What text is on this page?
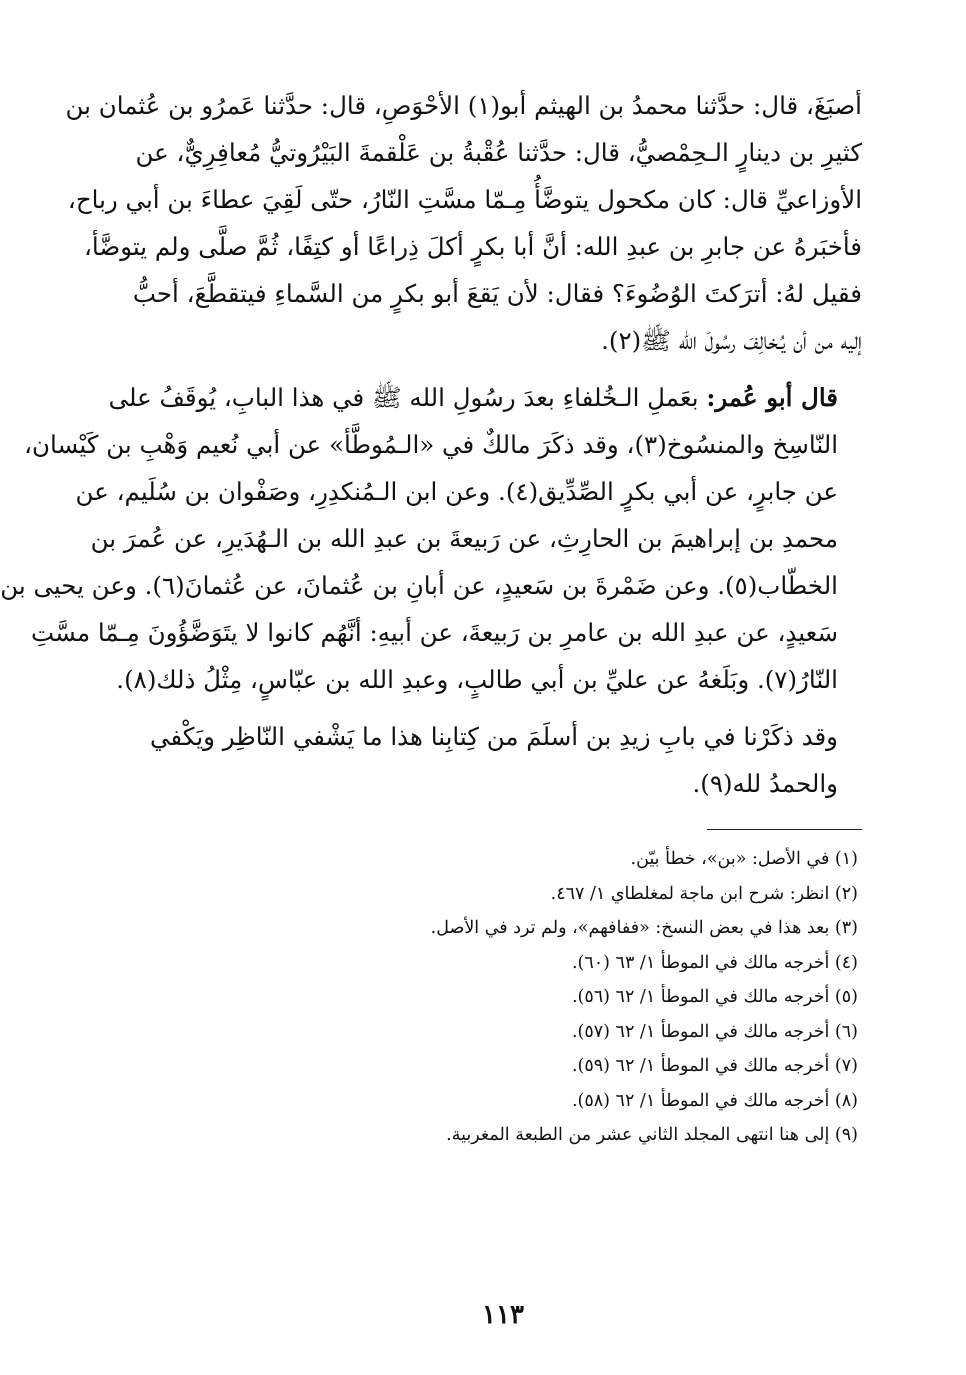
أصبَغَ، قال: حدَّثنا محمدُ بن الهيثم أبو(١) الأحْوَصِ، قال: حدَّثنا عَمرُو بن عُثمان بن
كثيرِ بن دينارٍ الـحِمْصيُّ، قال: حدَّثنا عُقْبةُ بن عَلْقمةَ البَيْرُوتيُّ مُعافِرِيٌّ، عن
الأوزاعيِّ قال: كان مكحول يتوضَّأُ مِـمّا مسَّتِ النّارُ، حتّى لَقِيَ عطاءَ بن أبي رباح،
فأخبَرهُ عن جابرِ بن عبدِ الله: أنَّ أبا بكرٍ أكلَ ذِراعًا أو كتِفًا، ثُمَّ صلَّى ولم يتوضَّأ،
فقيل لهُ: أترَكتَ الوُضُوءَ؟ فقال: لأن يَقعَ أبو بكرٍ من السَّماءِ فيتقطَّعَ، أحبُّ
إليه من أن يُـخالِفَ رسُولَ الله ﷺ(٢).

قال أبو عُمر: بعَملِ الـخُلفاءِ بعدَ رسُولِ الله ﷺ في هذا البابِ، يُوقَفُ على
النّاسِخ والمنسُوخ(٣)، وقد ذكَرَ مالكٌ في «الـمُوطَّأ» عن أبي نُعيم وَهْبِ بن كَيْسان،
عن جابرٍ، عن أبي بكرٍ الصِّدِّيق(٤). وعن ابن الـمُنكدِرِ، وصَفْوان بن سُلَيم، عن
محمدِ بن إبراهيمَ بن الحارِثِ، عن رَبيعةَ بن عبدِ الله بن الـهُدَيرِ، عن عُمرَ بن
الخطّاب(٥). وعن ضَمْرةَ بن سَعيدٍ، عن أبانِ بن عُثمانَ، عن عُثمانَ(٦). وعن يحيى بن
سَعيدٍ، عن عبدِ الله بن عامرِ بن رَبيعةَ، عن أبيهِ: أنَّهُم كانوا لا يتَوَضَّؤُونَ مِـمّا مسَّتِ
النّارُ(٧). وبَلَغهُ عن عليِّ بن أبي طالبٍ، وعبدِ الله بن عبّاسٍ، مِثْلُ ذلك(٨).

وقد ذكَرْنا في بابِ زيدِ بن أسلَمَ من كِتابِنا هذا ما يَشْفي النّاظِر ويَكْفي
والحمدُ لله(٩).

(١) في الأصل: «بن»، خطأ بيّن.
(٢) انظر: شرح ابن ماجة لمغلطاي ١/ ٤٦٧.
(٣) بعد هذا في بعض النسخ: «ففافهم»، ولم ترد في الأصل.
(٤) أخرجه مالك في الموطأ ١/ ٦٣ (٦٠).
(٥) أخرجه مالك في الموطأ ١/ ٦٢ (٥٦).
(٦) أخرجه مالك في الموطأ ١/ ٦٢ (٥٧).
(٧) أخرجه مالك في الموطأ ١/ ٦٢ (٥٩).
(٨) أخرجه مالك في الموطأ ١/ ٦٢ (٥٨).
(٩) إلى هنا انتهى المجلد الثاني عشر من الطبعة المغربية.
١١٣
